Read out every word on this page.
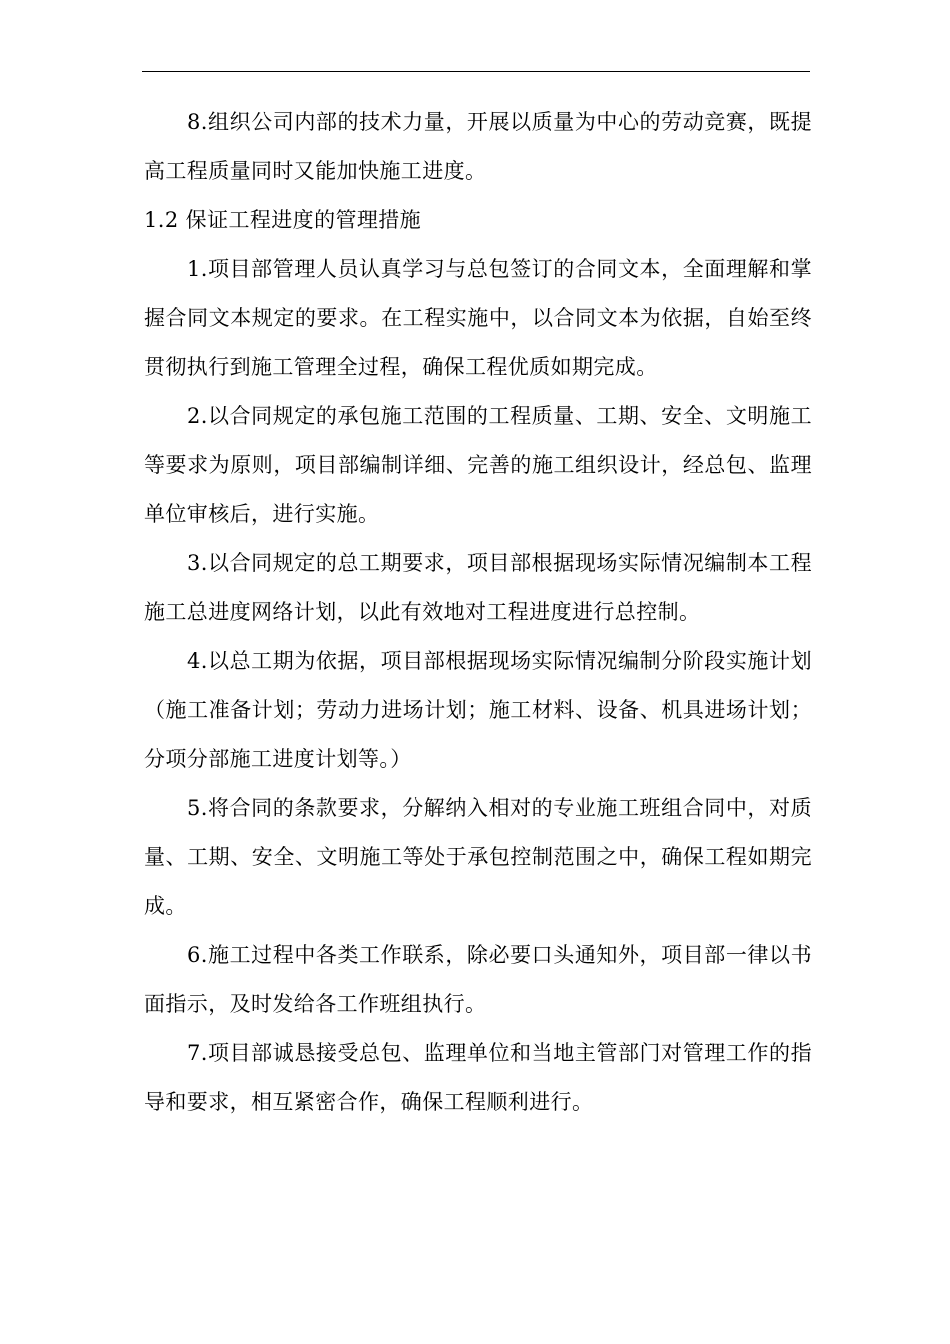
8.组织公司内部的技术力量，开展以质量为中心的劳动竞赛，既提高工程质量同时又能加快施工进度。

1.2 保证工程进度的管理措施

1.项目部管理人员认真学习与总包签订的合同文本，全面理解和掌握合同文本规定的要求。在工程实施中，以合同文本为依据，自始至终贯彻执行到施工管理全过程，确保工程优质如期完成。

2.以合同规定的承包施工范围的工程质量、工期、安全、文明施工等要求为原则，项目部编制详细、完善的施工组织设计，经总包、监理单位审核后，进行实施。

3.以合同规定的总工期要求，项目部根据现场实际情况编制本工程施工总进度网络计划，以此有效地对工程进度进行总控制。

4.以总工期为依据，项目部根据现场实际情况编制分阶段实施计划（施工准备计划；劳动力进场计划；施工材料、设备、机具进场计划；分项分部施工进度计划等。）

5.将合同的条款要求，分解纳入相对的专业施工班组合同中，对质量、工期、安全、文明施工等处于承包控制范围之中，确保工程如期完成。

6.施工过程中各类工作联系，除必要口头通知外，项目部一律以书面指示，及时发给各工作班组执行。

7.项目部诚恳接受总包、监理单位和当地主管部门对管理工作的指导和要求，相互紧密合作，确保工程顺利进行。
